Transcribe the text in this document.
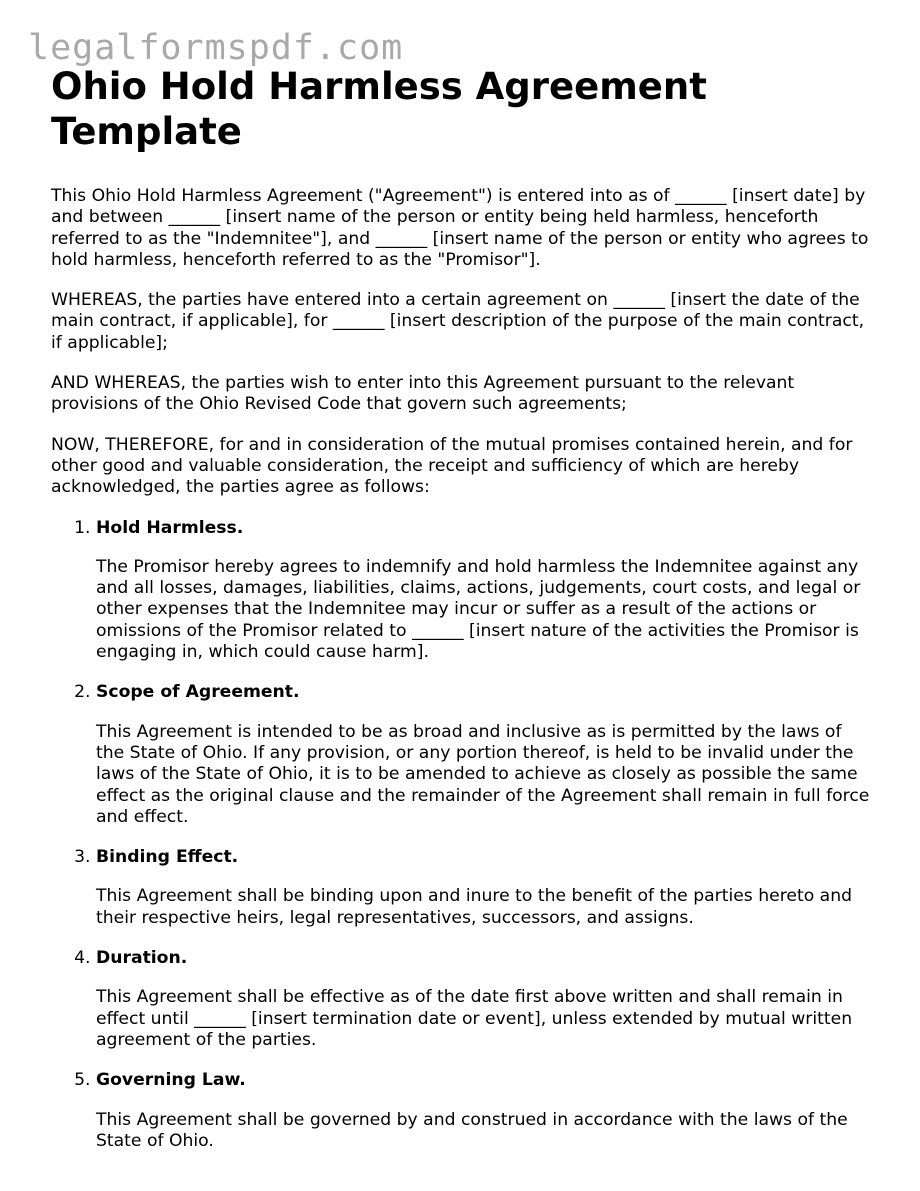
legalformspdf.com
Ohio Hold Harmless Agreement Template

This Ohio Hold Harmless Agreement ("Agreement") is entered into as of ______ [insert date] by and between ______ [insert name of the person or entity being held harmless, henceforth referred to as the "Indemnitee"], and ______ [insert name of the person or entity who agrees to hold harmless, henceforth referred to as the "Promisor"].

WHEREAS, the parties have entered into a certain agreement on ______ [insert the date of the main contract, if applicable], for ______ [insert description of the purpose of the main contract, if applicable];

AND WHEREAS, the parties wish to enter into this Agreement pursuant to the relevant provisions of the Ohio Revised Code that govern such agreements;

NOW, THEREFORE, for and in consideration of the mutual promises contained herein, and for other good and valuable consideration, the receipt and sufficiency of which are hereby acknowledged, the parties agree as follows:

1. Hold Harmless.
The Promisor hereby agrees to indemnify and hold harmless the Indemnitee against any and all losses, damages, liabilities, claims, actions, judgements, court costs, and legal or other expenses that the Indemnitee may incur or suffer as a result of the actions or omissions of the Promisor related to ______ [insert nature of the activities the Promisor is engaging in, which could cause harm].
2. Scope of Agreement.
This Agreement is intended to be as broad and inclusive as is permitted by the laws of the State of Ohio. If any provision, or any portion thereof, is held to be invalid under the laws of the State of Ohio, it is to be amended to achieve as closely as possible the same effect as the original clause and the remainder of the Agreement shall remain in full force and effect.
3. Binding Effect.
This Agreement shall be binding upon and inure to the benefit of the parties hereto and their respective heirs, legal representatives, successors, and assigns.
4. Duration.
This Agreement shall be effective as of the date first above written and shall remain in effect until ______ [insert termination date or event], unless extended by mutual written agreement of the parties.
5. Governing Law.
This Agreement shall be governed by and construed in accordance with the laws of the State of Ohio.
